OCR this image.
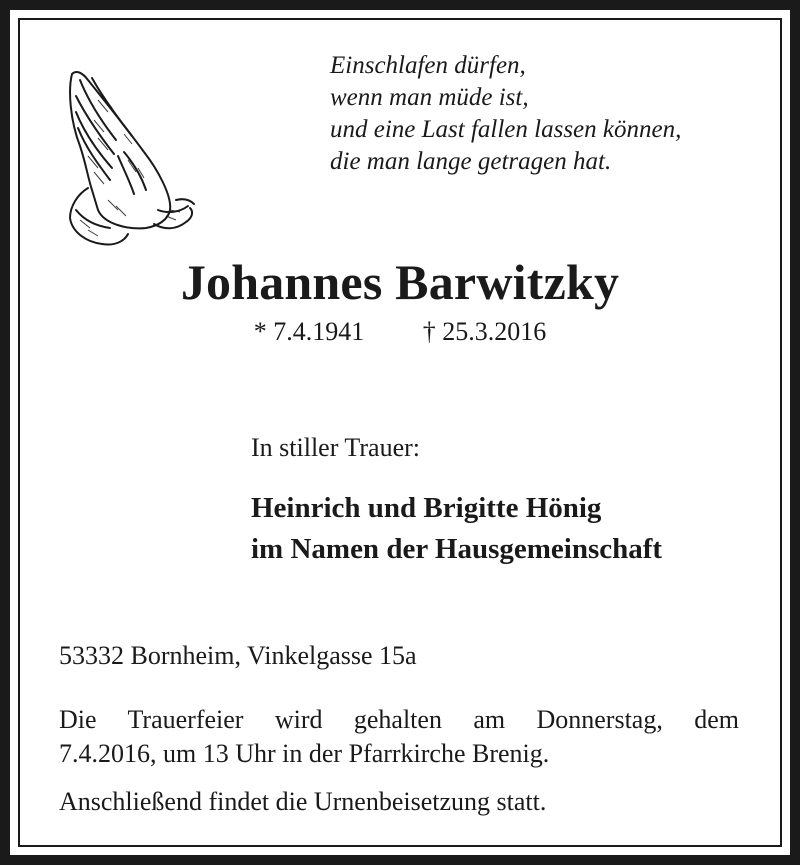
Einschlafen dürfen,
wenn man müde ist,
und eine Last fallen lassen können,
die man lange getragen hat.
Johannes Barwitzky
* 7.4.1941 † 25.3.2016
In stiller Trauer:
Heinrich und Brigitte Hönig
im Namen der Hausgemeinschaft
53332 Bornheim, Vinkelgasse 15a
Die Trauerfeier wird gehalten am Donnerstag, dem
7.4.2016, um 13 Uhr in der Pfarrkirche Brenig.
Anschließend findet die Urnenbeisetzung statt.
